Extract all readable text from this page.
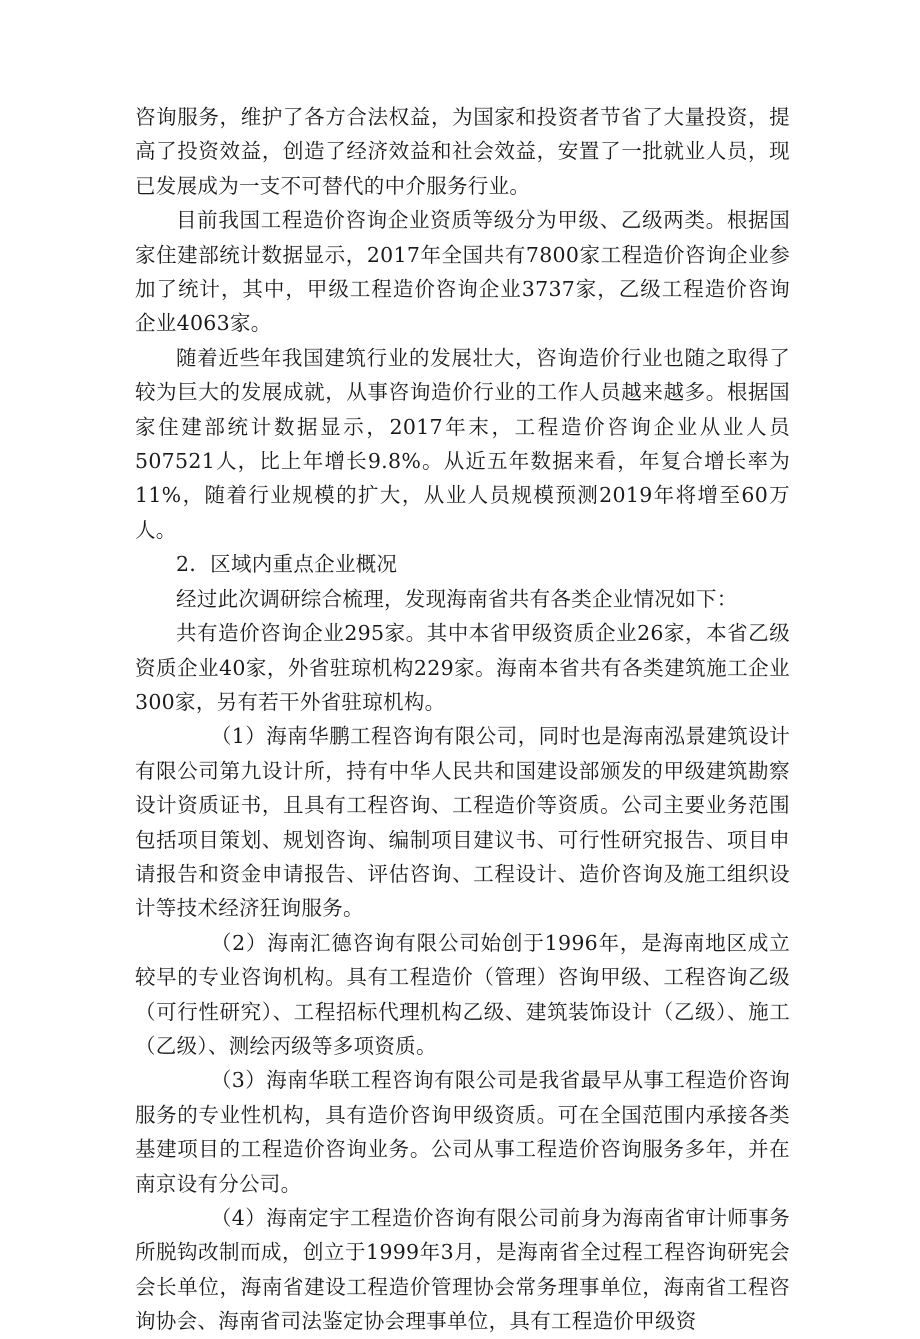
咨询服务，维护了各方合法权益，为国家和投资者节省了大量投资，提高了投资效益，创造了经济效益和社会效益，安置了一批就业人员，现已发展成为一支不可替代的中介服务行业。

目前我国工程造价咨询企业资质等级分为甲级、乙级两类。根据国家住建部统计数据显示，2017年全国共有7800家工程造价咨询企业参加了统计，其中，甲级工程造价咨询企业3737家，乙级工程造价咨询企业4063家。

随着近些年我国建筑行业的发展壮大，咨询造价行业也随之取得了较为巨大的发展成就，从事咨询造价行业的工作人员越来越多。根据国家住建部统计数据显示，2017年末，工程造价咨询企业从业人员507521人，比上年增长9.8%。从近五年数据来看，年复合增长率为11%，随着行业规模的扩大，从业人员规模预测2019年将增至60万人。

2．区域内重点企业概况

经过此次调研综合梳理，发现海南省共有各类企业情况如下：

共有造价咨询企业295家。其中本省甲级资质企业26家，本省乙级资质企业40家，外省驻琼机构229家。海南本省共有各类建筑施工企业300家，另有若干外省驻琼机构。

（1）海南华鹏工程咨询有限公司，同时也是海南泓景建筑设计有限公司第九设计所，持有中华人民共和国建设部颁发的甲级建筑勘察设计资质证书，且具有工程咨询、工程造价等资质。公司主要业务范围包括项目策划、规划咨询、编制项目建议书、可行性研究报告、项目申请报告和资金申请报告、评估咨询、工程设计、造价咨询及施工组织设计等技术经济狂询服务。

（2）海南汇德咨询有限公司始创于1996年，是海南地区成立较早的专业咨询机构。具有工程造价（管理）咨询甲级、工程咨询乙级（可行性研究）、工程招标代理机构乙级、建筑装饰设计（乙级）、施工（乙级）、测绘丙级等多项资质。

（3）海南华联工程咨询有限公司是我省最早从事工程造价咨询服务的专业性机构，具有造价咨询甲级资质。可在全国范围内承接各类基建项目的工程造价咨询业务。公司从事工程造价咨询服务多年，并在南京设有分公司。

（4）海南定宇工程造价咨询有限公司前身为海南省审计师事务所脱钩改制而成，创立于1999年3月，是海南省全过程工程咨询研宪会会长单位，海南省建设工程造价管理协会常务理事单位，海南省工程咨询协会、海南省司法鉴定协会理事单位，具有工程造价甲级资
